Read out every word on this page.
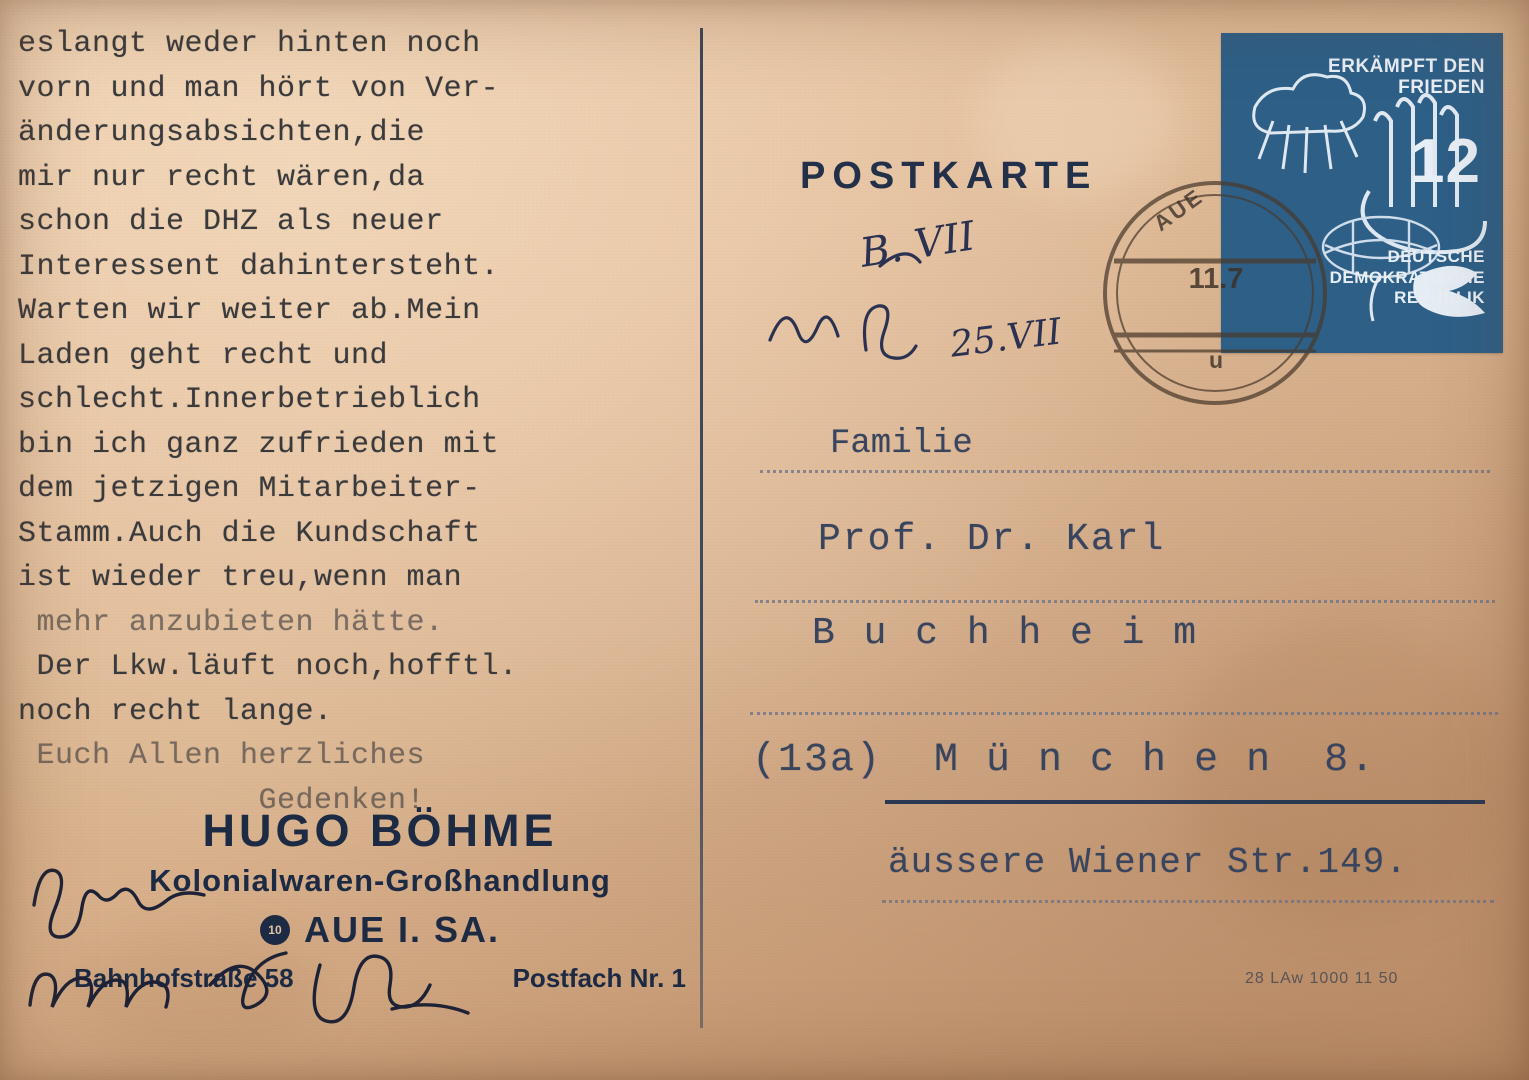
eslangt weder hinten noch
vorn und man hört von Ver-
änderungsabsichten,die
mir nur recht wären,da
schon die DHZ als neuer
Interessent dahintersteht.
Warten wir weiter ab.Mein
Laden geht recht und
schlecht.Innerbetrieblich
bin ich ganz zufrieden mit
dem jetzigen Mitarbeiter-
Stamm.Auch die Kundschaft
ist wieder treu,wenn man
mehr anzubieten hätte.
Der Lkw.läuft noch,hofftl.
noch recht lange.
Euch Allen herzliches
Gedenken!
POSTKARTE
ERKÄMPFT DEN
FRIEDEN
12
DEUTSCHE
DEMOKRATISCHE
REPUBLIK
AUE
11.7
u
B. VII
25.VII
Familie
Prof. Dr. Karl
B u c h h e i m
(13a)  M ü n c h e n  8.
äussere Wiener Str.149.
28 LAw 1000 11 50
HUGO BÖHME
Kolonialwaren-Großhandlung
10 AUE I. SA.
Bahnhofstraße 58	Postfach Nr. 1
